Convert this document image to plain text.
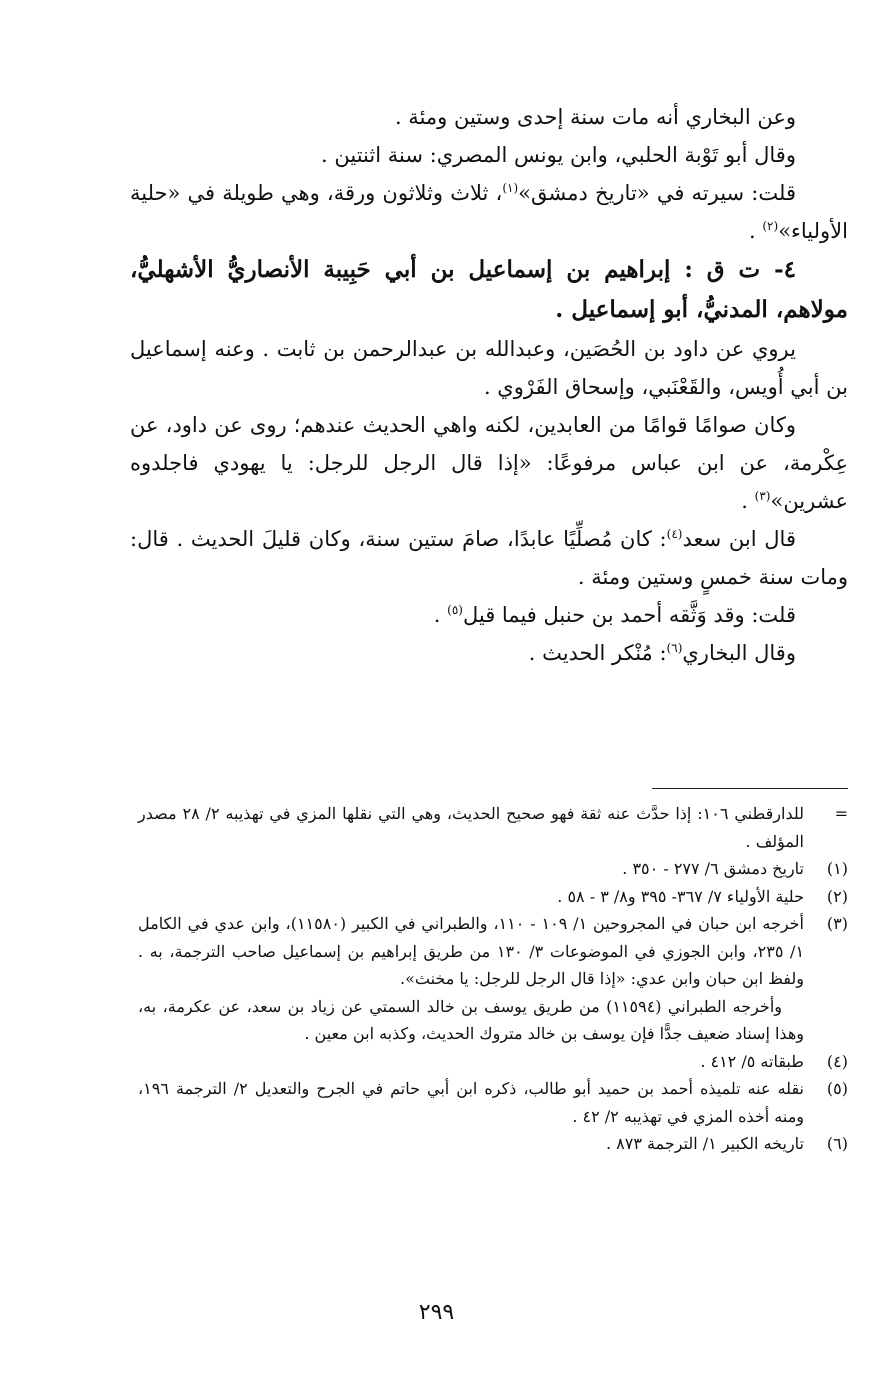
وعن البخاري أنه مات سنة إحدى وستين ومئة .

وقال أبو تَوْبة الحلبي، وابن يونس المصري: سنة اثنتين .

قلت: سيرته في «تاريخ دمشق»$^{(١)}$، ثلاث وثلاثون ورقة، وهي طويلة في «حلية الأولياء»$^{(٢)}$ .

٤- ت ق : إبراهيم بن إسماعيل بن أبي حَبِيبة الأنصاريُّ الأشهليُّ، مولاهم، المدنيُّ، أبو إسماعيل .

يروي عن داود بن الحُصَين، وعبدالله بن عبدالرحمن بن ثابت . وعنه إسماعيل بن أبي أُويس، والقَعْنَبي، وإسحاق الفَرْوي .

وكان صوامًا قوامًا من العابدين، لكنه واهي الحديث عندهم؛ روى عن داود، عن عِكْرمة، عن ابن عباس مرفوعًا: «إذا قال الرجل للرجل: يا يهودي فاجلدوه عشرين»$^{(٣)}$ .

قال ابن سعد$^{(٤)}$: كان مُصلِّيًا عابدًا، صامَ ستين سنة، وكان قليلَ الحديث . قال: ومات سنة خمسٍ وستين ومئة .

قلت: وقد وَثَّقه أحمد بن حنبل فيما قيل$^{(٥)}$ .

وقال البخاري$^{(٦)}$: مُنْكر الحديث .

=
للدارقطني ١٠٦: إذا حدَّث عنه ثقة فهو صحيح الحديث، وهي التي نقلها المزي في تهذيبه ٢/ ٢٨ مصدر المؤلف .
(١)
تاريخ دمشق ٦/ ٢٧٧ - ٣٥٠ .
(٢)
حلية الأولياء ٧/ ٣٦٧- ٣٩٥ و٨/ ٣ - ٥٨ .
(٣)
أخرجه ابن حبان في المجروحين ١/ ١٠٩ - ١١٠، والطبراني في الكبير (١١٥٨٠)، وابن عدي في الكامل ١/ ٢٣٥، وابن الجوزي في الموضوعات ٣/ ١٣٠ من طريق إبراهيم بن إسماعيل صاحب الترجمة، به . ولفظ ابن حبان وابن عدي: «إذا قال الرجل للرجل: يا مخنث».
وأخرجه الطبراني (١١٥٩٤) من طريق يوسف بن خالد السمتي عن زياد بن سعد، عن عكرمة، به، وهذا إسناد ضعيف جدًّا فإن يوسف بن خالد متروك الحديث، وكذبه ابن معين .
(٤)
طبقاته ٥/ ٤١٢ .
(٥)
نقله عنه تلميذه أحمد بن حميد أبو طالب، ذكره ابن أبي حاتم في الجرح والتعديل ٢/ الترجمة ١٩٦، ومنه أخذه المزي في تهذيبه ٢/ ٤٢ .
(٦)
تاريخه الكبير ١/ الترجمة ٨٧٣ .
٢٩٩
